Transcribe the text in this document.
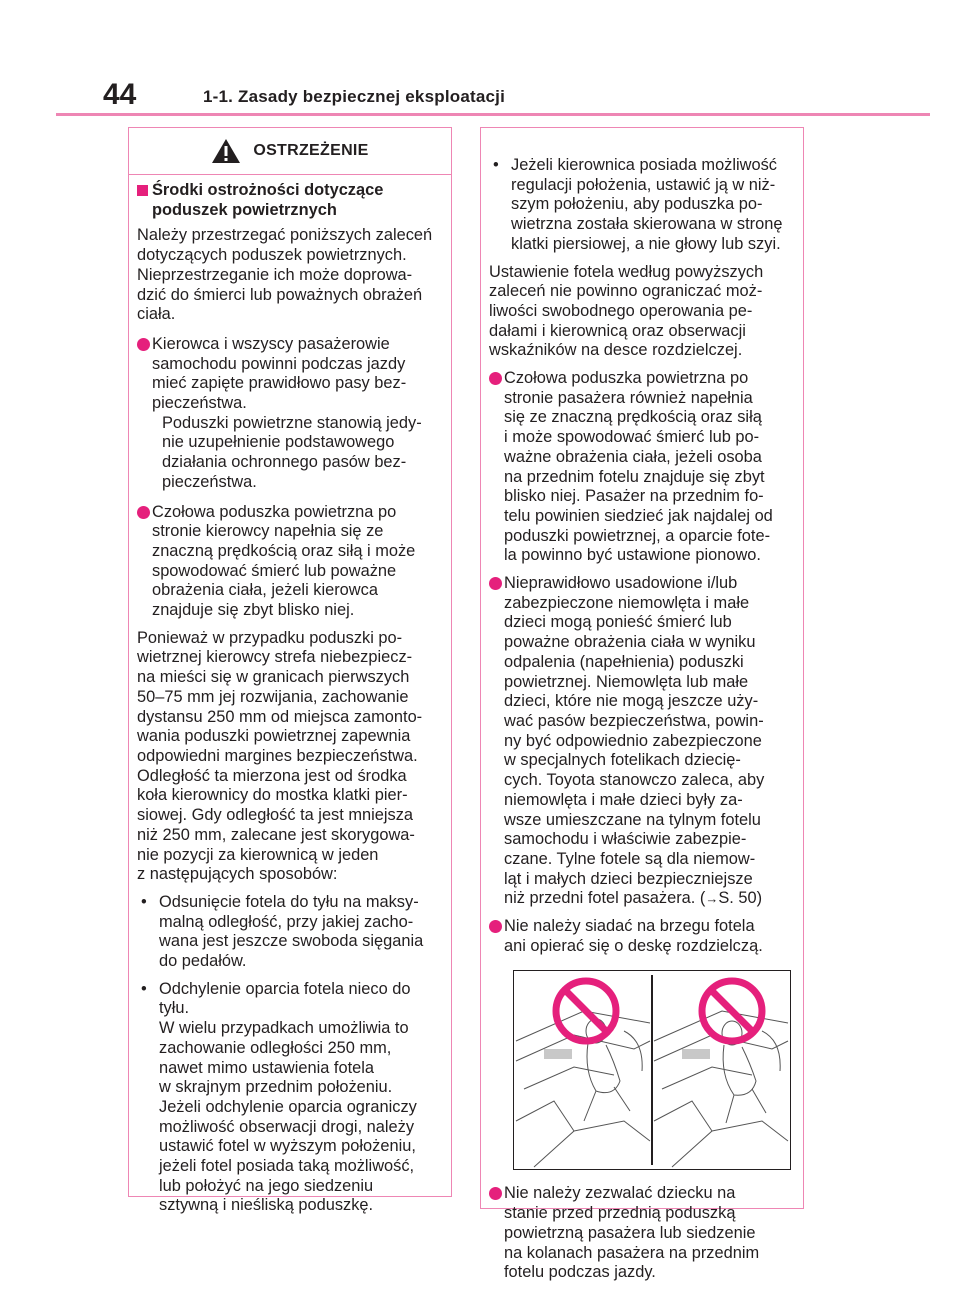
44	1-1. Zasady bezpiecznej eksploatacji
OSTRZEŻENIE
Środki ostrożności dotyczące
poduszek powietrznych

Należy przestrzegać poniższych zaleceń
dotyczących poduszek powietrznych.
Nieprzestrzeganie ich może doprowa-
dzić do śmierci lub poważnych obrażeń
ciała.

Kierowca i wszyscy pasażerowie
samochodu powinni podczas jazdy
mieć zapięte prawidłowo pasy bez-
pieczeństwa.
Poduszki powietrzne stanowią jedy-
nie uzupełnienie podstawowego
działania ochronnego pasów bez-
pieczeństwa.
Czołowa poduszka powietrzna po
stronie kierowcy napełnia się ze
znaczną prędkością oraz siłą i może
spowodować śmierć lub poważne
obrażenia ciała, jeżeli kierowca
znajduje się zbyt blisko niej.

Ponieważ w przypadku poduszki po-
wietrznej kierowcy strefa niebezpiecz-
na mieści się w granicach pierwszych
50–75 mm jej rozwijania, zachowanie
dystansu 250 mm od miejsca zamonto-
wania poduszki powietrznej zapewnia
odpowiedni margines bezpieczeństwa.
Odległość ta mierzona jest od środka
koła kierownicy do mostka klatki pier-
siowej. Gdy odległość ta jest mniejsza
niż 250 mm, zalecane jest skorygowa-
nie pozycji za kierownicą w jeden
z następujących sposobów:

• Odsunięcie fotela do tyłu na maksy-
malną odległość, przy jakiej zacho-
wana jest jeszcze swoboda sięgania
do pedałów.
• Odchylenie oparcia fotela nieco do
tyłu.
W wielu przypadkach umożliwia to
zachowanie odległości 250 mm,
nawet mimo ustawienia fotela
w skrajnym przednim położeniu.
Jeżeli odchylenie oparcia ograniczy
możliwość obserwacji drogi, należy
ustawić fotel w wyższym położeniu,
jeżeli fotel posiada taką możliwość,
lub położyć na jego siedzeniu
sztywną i nieśliską poduszkę.
• Jeżeli kierownica posiada możliwość
regulacji położenia, ustawić ją w niż-
szym położeniu, aby poduszka po-
wietrzna została skierowana w stronę
klatki piersiowej, a nie głowy lub szyi.

Ustawienie fotela według powyższych
zaleceń nie powinno ograniczać moż-
liwości swobodnego operowania pe-
dałami i kierownicą oraz obserwacji
wskaźników na desce rozdzielczej.

Czołowa poduszka powietrzna po
stronie pasażera również napełnia
się ze znaczną prędkością oraz siłą
i może spowodować śmierć lub po-
ważne obrażenia ciała, jeżeli osoba
na przednim fotelu znajduje się zbyt
blisko niej. Pasażer na przednim fo-
telu powinien siedzieć jak najdalej od
poduszki powietrznej, a oparcie fote-
la powinno być ustawione pionowo.
Nieprawidłowo usadowione i/lub
zabezpieczone niemowlęta i małe
dzieci mogą ponieść śmierć lub
poważne obrażenia ciała w wyniku
odpalenia (napełnienia) poduszki
powietrznej. Niemowlęta lub małe
dzieci, które nie mogą jeszcze uży-
wać pasów bezpieczeństwa, powin-
ny być odpowiednio zabezpieczone
w specjalnych fotelikach dziecię-
cych. Toyota stanowczo zaleca, aby
niemowlęta i małe dzieci były za-
wsze umieszczane na tylnym fotelu
samochodu i właściwie zabezpie-
czane. Tylne fotele są dla niemow-
ląt i małych dzieci bezpieczniejsze
niż przedni fotel pasażera. (→S. 50)
Nie należy siadać na brzegu fotela
ani opierać się o deskę rozdzielczą.
Nie należy zezwalać dziecku na
stanie przed przednią poduszką
powietrzną pasażera lub siedzenie
na kolanach pasażera na przednim
fotelu podczas jazdy.
